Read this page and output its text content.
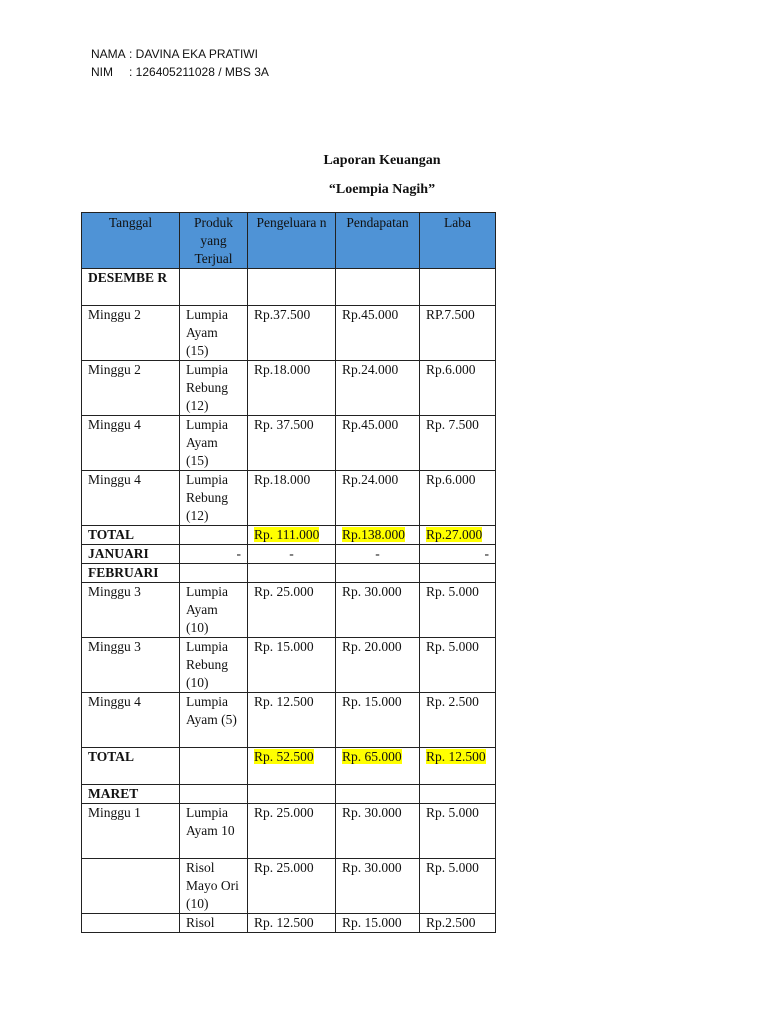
NAMA
: DAVINA EKA PRATIWI
NIM	: 126405211028 / MBS 3A
Laporan Keuangan
“Loempia Nagih”
Tanggal	Produk yang Terjual	Pengeluara n	Pendapatan	Laba
DESEMBE R				
Minggu 2	Lumpia Ayam (15)	Rp.37.500	Rp.45.000	RP.7.500
Minggu 2	Lumpia Rebung (12)	Rp.18.000	Rp.24.000	Rp.6.000
Minggu 4	Lumpia Ayam (15)	Rp. 37.500	Rp.45.000	Rp. 7.500
Minggu 4	Lumpia Rebung (12)	Rp.18.000	Rp.24.000	Rp.6.000
TOTAL		Rp. 111.000	Rp.138.000	Rp.27.000
JANUARI	-	-	-	-
FEBRUARI				
Minggu 3	Lumpia Ayam (10)	Rp. 25.000	Rp. 30.000	Rp. 5.000
Minggu 3	Lumpia Rebung (10)	Rp. 15.000	Rp. 20.000	Rp. 5.000
Minggu 4	Lumpia Ayam (5)	Rp. 12.500	Rp. 15.000	Rp. 2.500
TOTAL		Rp. 52.500	Rp. 65.000	Rp. 12.500
MARET				
Minggu 1	Lumpia Ayam 10	Rp. 25.000	Rp. 30.000	Rp. 5.000
	Risol Mayo Ori (10)	Rp. 25.000	Rp. 30.000	Rp. 5.000
	Risol	Rp. 12.500	Rp. 15.000	Rp.2.500
